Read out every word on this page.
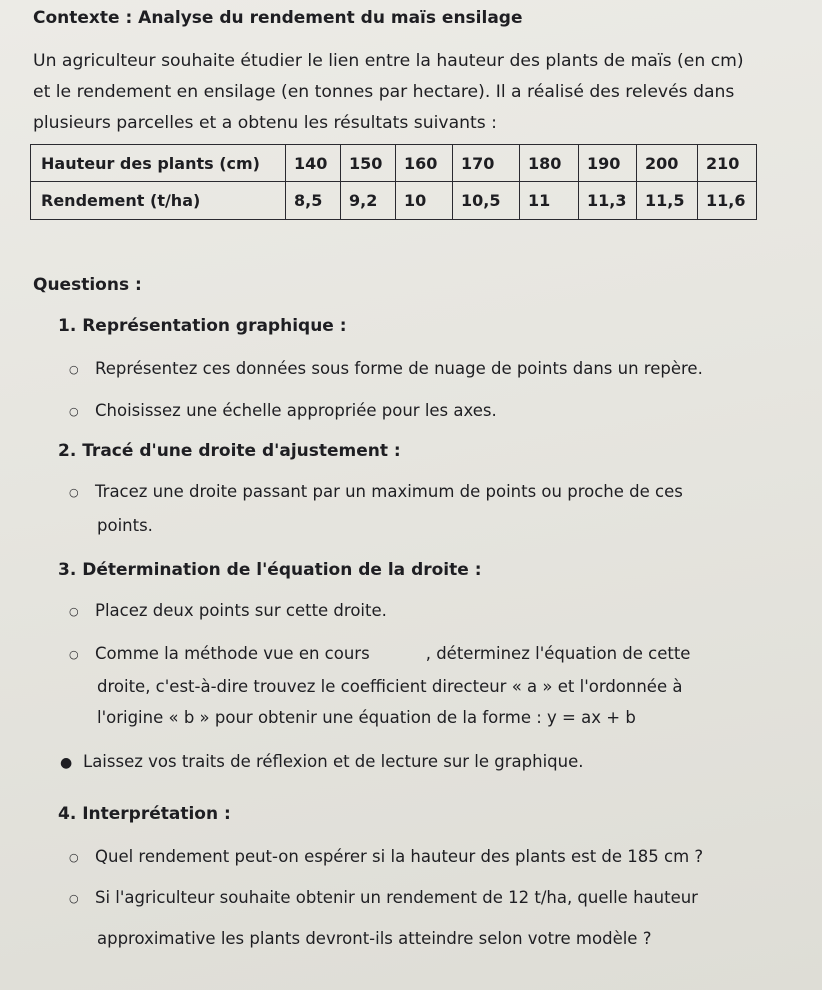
Contexte : Analyse du rendement du maïs ensilage
Un agriculteur souhaite étudier le lien entre la hauteur des plants de maïs (en cm)
et le rendement en ensilage (en tonnes par hectare). Il a réalisé des relevés dans
plusieurs parcelles et a obtenu les résultats suivants :
Hauteur des plants (cm)	140	150	160	170	180	190	200	210
Rendement (t/ha)	8,5	9,2	10	10,5	11	11,3	11,5	11,6
Questions :
1. Représentation graphique :
○ Représentez ces données sous forme de nuage de points dans un repère.
○ Choisissez une échelle appropriée pour les axes.
2. Tracé d'une droite d'ajustement :
○ Tracez une droite passant par un maximum de points ou proche de ces
points.
3. Détermination de l'équation de la droite :
○ Placez deux points sur cette droite.
○ Comme la méthode vue en cours	, déterminez l'équation de cette
droite, c'est-à-dire trouvez le coefficient directeur « a » et l'ordonnée à
l'origine « b » pour obtenir une équation de la forme : y = ax + b
● Laissez vos traits de réflexion et de lecture sur le graphique.
4. Interprétation :
○ Quel rendement peut-on espérer si la hauteur des plants est de 185 cm ?
○ Si l'agriculteur souhaite obtenir un rendement de 12 t/ha, quelle hauteur
approximative les plants devront-ils atteindre selon votre modèle ?
